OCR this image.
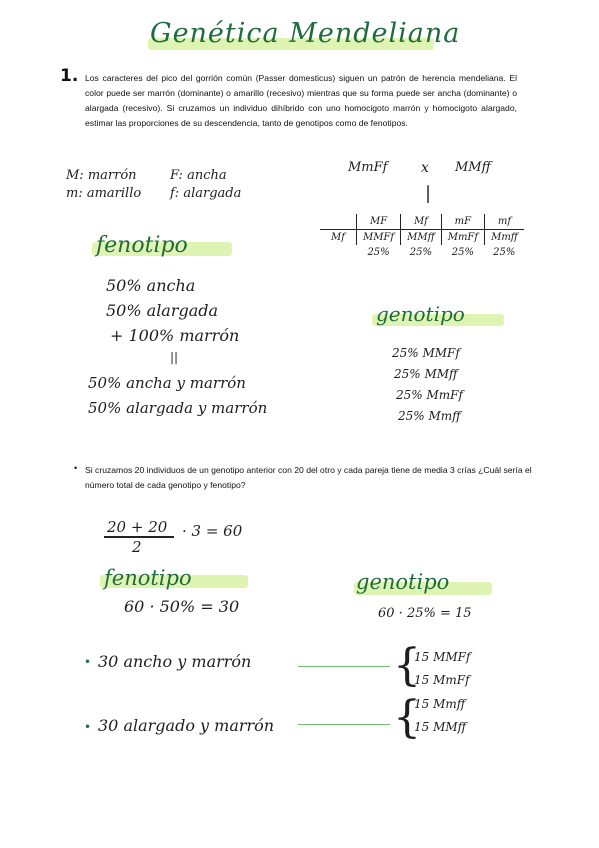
Genética Mendeliana
1. Los caracteres del pico del gorrión común (Passer domesticus) siguen un patrón de herencia mendeliana. El color puede ser marrón (dominante) o amarillo (recesivo) mientras que su forma puede ser ancha (dominante) o alargada (recesivo). Si cruzamos un individuo dihíbrido con uno homocigoto marrón y homocigoto alargado, estimar las proporciones de su descendencia, tanto de genotipos como de fenotipos.
M: marrón
m: amarillo
F: ancha
f: alargada
MmFf x MMff
|
	MF	Mf	mF	mf
Mf	MMFf	MMff	MmFf	Mmff
	25%	25%	25%	25%
fenotipo
50% ancha
50% alargada
+ 100% marrón
||
50% ancha y marrón
50% alargada y marrón
genotipo
25% MMFf
25% MMff
25% MmFf
25% Mmff
• Si cruzamos 20 individuos de un genotipo anterior con 20 del otro y cada pareja tiene de media 3 crías ¿Cuál sería el número total de cada genotipo y fenotipo?
20 + 20
2
· 3 = 60
fenotipo
60 · 50% = 30
genotipo
60 · 25% = 15
• 30 ancho y marrón	{
15 MMFf
15 MmFf
• 30 alargado y marrón	{
15 Mmff
15 MMff
